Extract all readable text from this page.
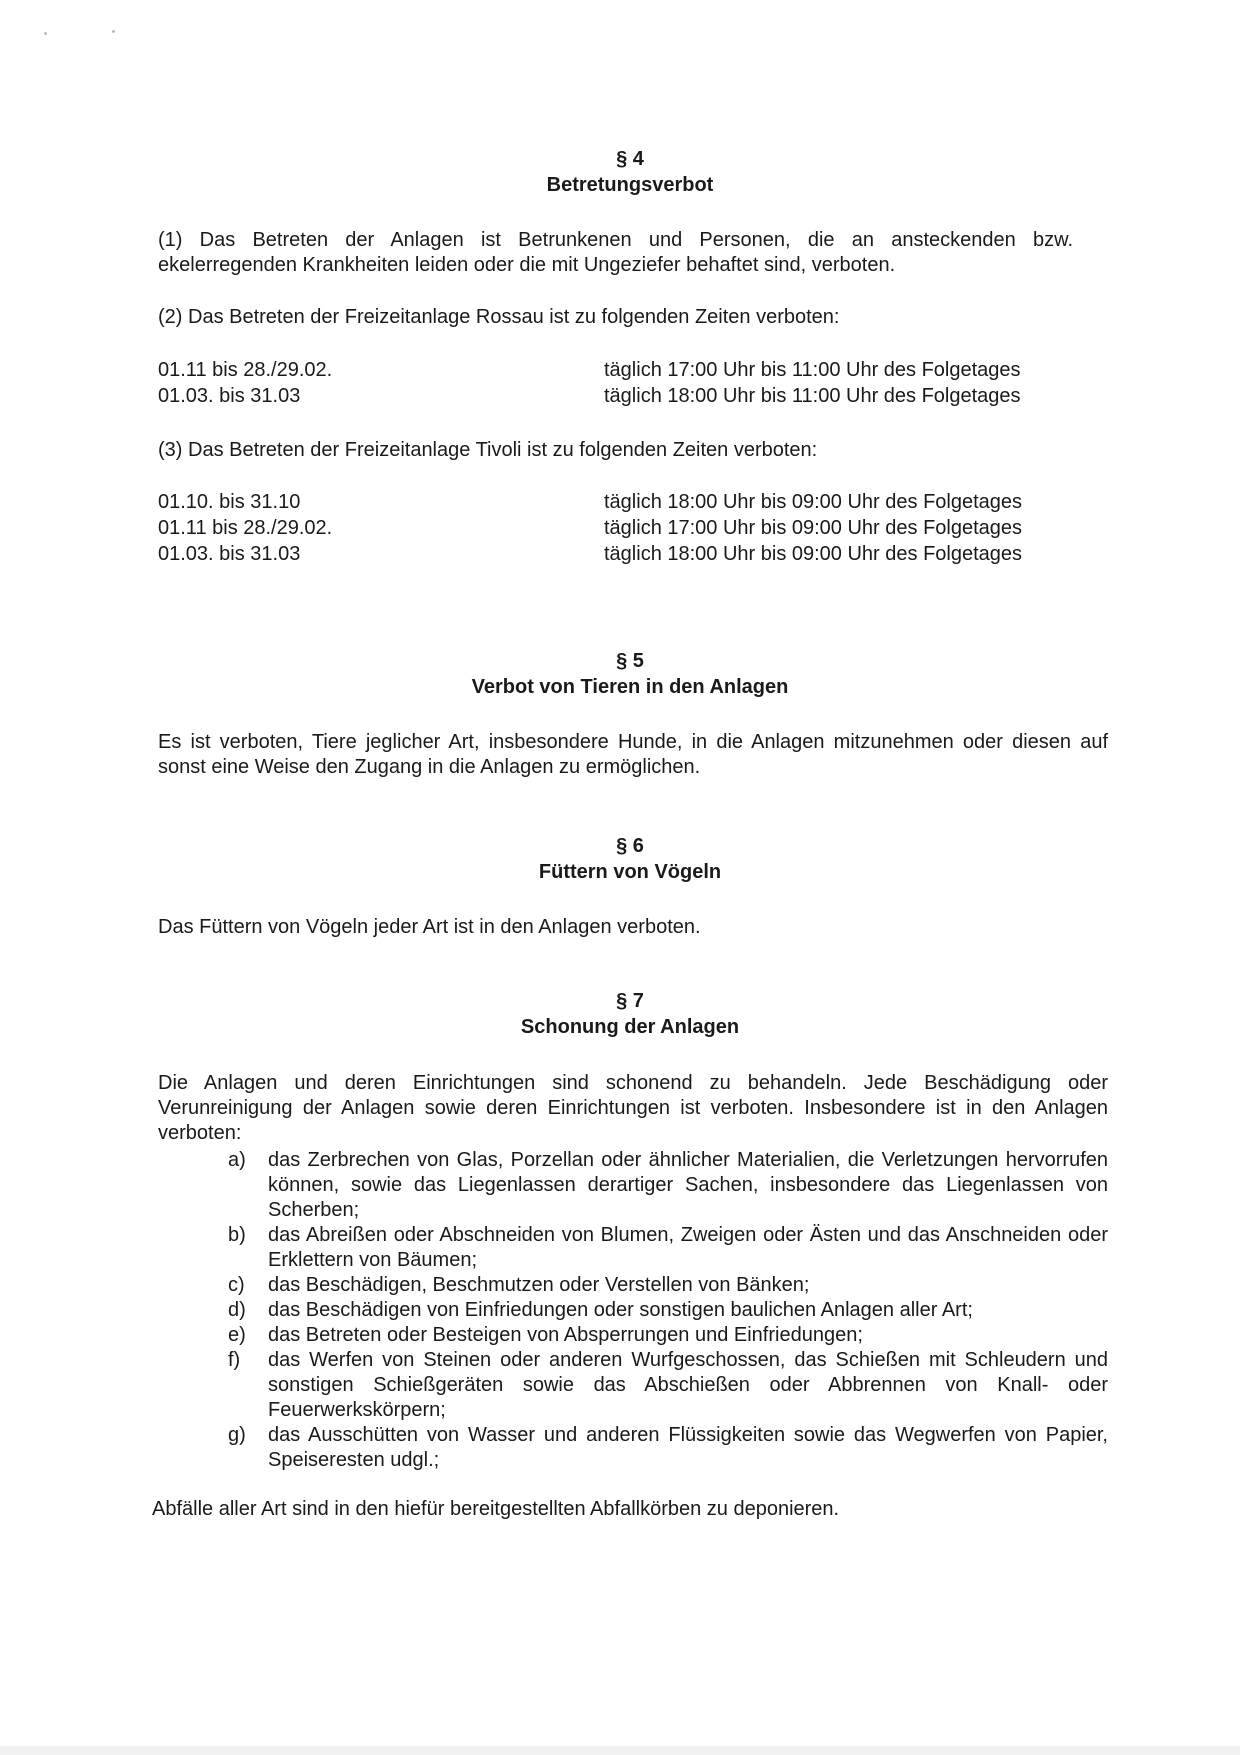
§ 4
Betretungsverbot
(1) Das Betreten der Anlagen ist Betrunkenen und Personen, die an ansteckenden bzw. ekelerregenden Krankheiten leiden oder die mit Ungeziefer behaftet sind, verboten.
(2) Das Betreten der Freizeitanlage Rossau ist zu folgenden Zeiten verboten:
01.11 bis 28./29.02.	täglich 17:00 Uhr bis 11:00 Uhr des Folgetages
01.03. bis 31.03	täglich 18:00 Uhr bis 11:00 Uhr des Folgetages
(3) Das Betreten der Freizeitanlage Tivoli ist zu folgenden Zeiten verboten:
01.10. bis 31.10	täglich 18:00 Uhr bis 09:00 Uhr des Folgetages
01.11 bis 28./29.02.	täglich 17:00 Uhr bis 09:00 Uhr des Folgetages
01.03. bis 31.03	täglich 18:00 Uhr bis 09:00 Uhr des Folgetages
§ 5
Verbot von Tieren in den Anlagen
Es ist verboten, Tiere jeglicher Art, insbesondere Hunde, in die Anlagen mitzunehmen oder diesen auf sonst eine Weise den Zugang in die Anlagen zu ermöglichen.
§ 6
Füttern von Vögeln
Das Füttern von Vögeln jeder Art ist in den Anlagen verboten.
§ 7
Schonung der Anlagen
Die Anlagen und deren Einrichtungen sind schonend zu behandeln. Jede Beschädigung oder Verunreinigung der Anlagen sowie deren Einrichtungen ist verboten. Insbesondere ist in den Anlagen verboten:
a) das Zerbrechen von Glas, Porzellan oder ähnlicher Materialien, die Verletzungen hervorrufen können, sowie das Liegenlassen derartiger Sachen, insbesondere das Liegenlassen von Scherben;
b) das Abreißen oder Abschneiden von Blumen, Zweigen oder Ästen und das Anschneiden oder Erklettern von Bäumen;
c) das Beschädigen, Beschmutzen oder Verstellen von Bänken;
d) das Beschädigen von Einfriedungen oder sonstigen baulichen Anlagen aller Art;
e) das Betreten oder Besteigen von Absperrungen und Einfriedungen;
f) das Werfen von Steinen oder anderen Wurfgeschossen, das Schießen mit Schleudern und sonstigen Schießgeräten sowie das Abschießen oder Abbrennen von Knall- oder Feuerwerkskörpern;
g) das Ausschütten von Wasser und anderen Flüssigkeiten sowie das Wegwerfen von Papier, Speiseresten udgl.;
Abfälle aller Art sind in den hiefür bereitgestellten Abfallkörben zu deponieren.
